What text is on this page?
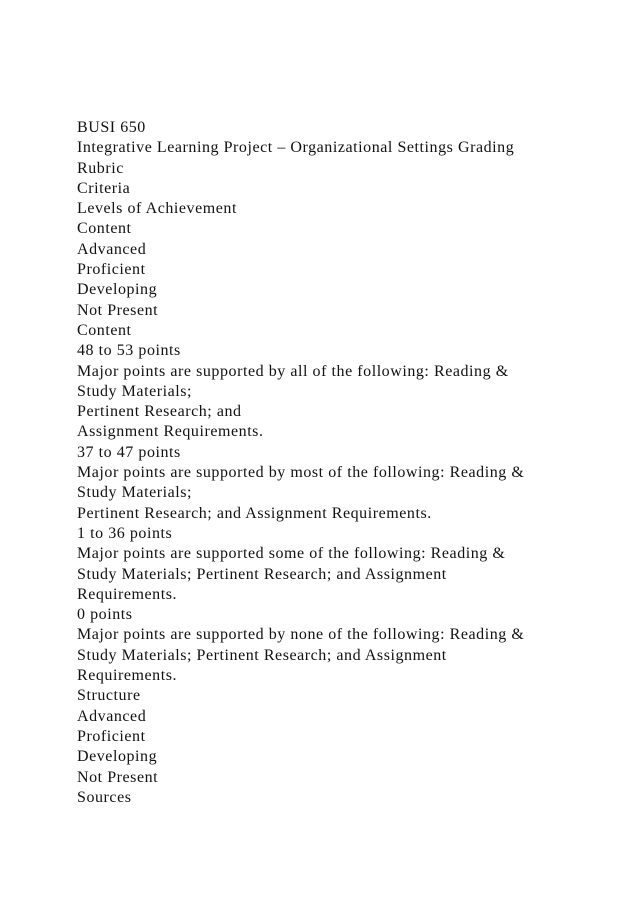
BUSI 650
Integrative Learning Project – Organizational Settings Grading
Rubric
Criteria
Levels of Achievement
Content
Advanced
Proficient
Developing
Not Present
Content
48 to 53 points
Major points are supported by all of the following: Reading &
Study Materials;
Pertinent Research; and
Assignment Requirements.
37 to 47 points
Major points are supported by most of the following: Reading &
Study Materials;
Pertinent Research; and Assignment Requirements.
1 to 36 points
Major points are supported some of the following: Reading &
Study Materials; Pertinent Research; and Assignment
Requirements.
0 points
Major points are supported by none of the following: Reading &
Study Materials; Pertinent Research; and Assignment
Requirements.
Structure
Advanced
Proficient
Developing
Not Present
Sources
